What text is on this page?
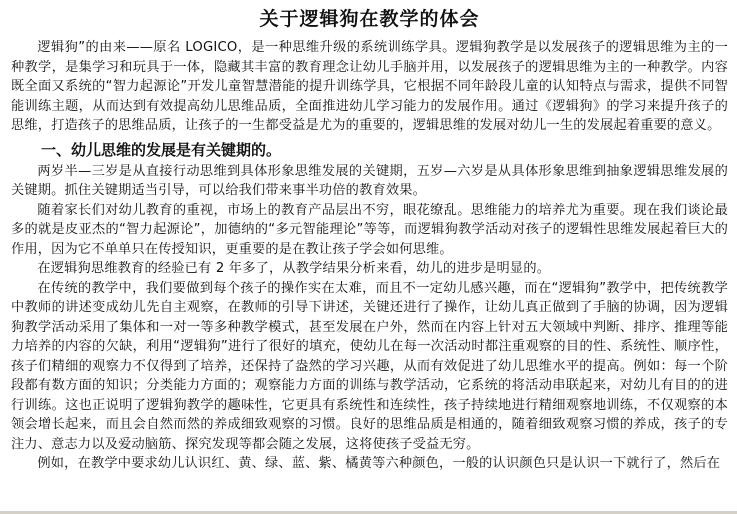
关于逻辑狗在教学的体会

逻辑狗”的由来——原名 LOGICO，是一种思维升级的系统训练学具。逻辑狗教学是以发展孩子的逻辑思维为主的一种教学，是集学习和玩具于一体，隐藏其丰富的教育理念让幼儿手脑并用，以发展孩子的逻辑思维为主的一种教学。内容既全面又系统的“智力起源论”开发儿童智慧潜能的提升训练学具，它根据不同年龄段儿童的认知特点与需求，提供不同智能训练主题，从而达到有效提高幼儿思维品质，全面推进幼儿学习能力的发展作用。通过《逻辑狗》的学习来提升孩子的思维，打造孩子的思维品质，让孩子的一生都受益是尤为的重要的，逻辑思维的发展对幼儿一生的发展起着重要的意义。

一、幼儿思维的发展是有关键期的。

两岁半—三岁是从直接行动思维到具体形象思维发展的关键期，五岁—六岁是从具体形象思维到抽象逻辑思维发展的关键期。抓住关键期适当引导，可以给我们带来事半功倍的教育效果。

随着家长们对幼儿教育的重视，市场上的教育产品层出不穷，眼花缭乱。思维能力的培养尤为重要。现在我们谈论最多的就是皮亚杰的“智力起源论”，加德纳的“多元智能理论”等等，而逻辑狗教学活动对孩子的逻辑性思维发展起着巨大的作用，因为它不单单只在传授知识，更重要的是在教让孩子学会如何思维。

在逻辑狗思维教育的经验已有 2 年多了，从教学结果分析来看，幼儿的进步是明显的。

在传统的教学中，我们要做到每个孩子的操作实在太难，而且不一定幼儿感兴趣，而在“逻辑狗”教学中，把传统教学中教师的讲述变成幼儿先自主观察，在教师的引导下讲述，关键还进行了操作，让幼儿真正做到了手脑的协调，因为逻辑狗教学活动采用了集体和一对一等多种教学模式，甚至发展在户外，然而在内容上针对五大领域中判断、排序、推理等能力培养的内容的欠缺，利用“逻辑狗”进行了很好的填充，使幼儿在每一次活动时都注重观察的目的性、系统性、顺序性，孩子们精细的观察力不仅得到了培养，还保持了盎然的学习兴趣，从而有效促进了幼儿思维水平的提高。例如：每一个阶段都有数方面的知识；分类能力方面的；观察能力方面的训练与教学活动，它系统的将活动串联起来，对幼儿有目的的进行训练。这也正说明了逻辑狗教学的趣味性，它更具有系统性和连续性，孩子持续地进行精细观察地训练，不仅观察的本领会增长起来，而且会自然而然的养成细致观察的习惯。良好的思维品质是相通的，随着细致观察习惯的养成，孩子的专注力、意志力以及爱动脑筋、探究发现等都会随之发展，这将使孩子受益无穷。

例如，在教学中要求幼儿认识红、黄、绿、蓝、紫、橘黄等六种颜色，一般的认识颜色只是认识一下就行了，然后在
